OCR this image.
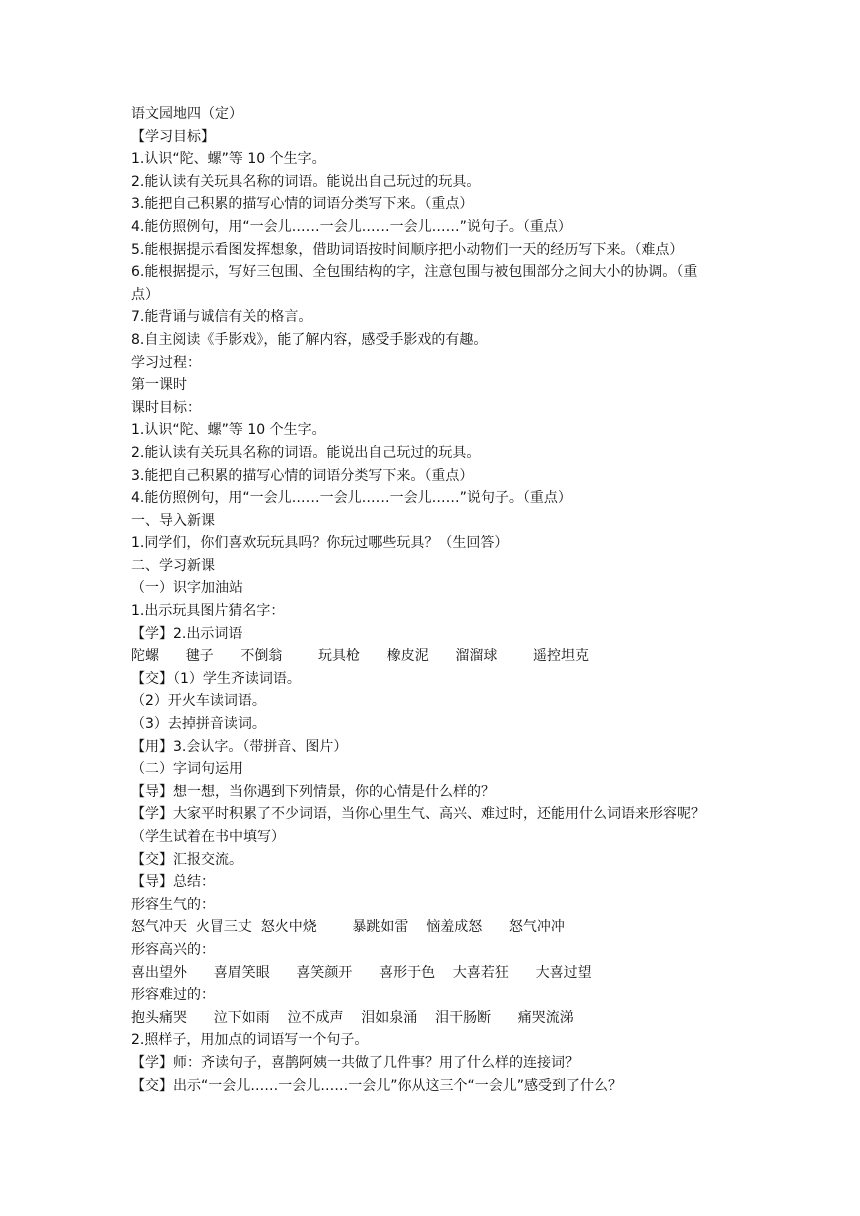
语文园地四（定）
【学习目标】
1.认识“陀、螺”等 10 个生字。
2.能认读有关玩具名称的词语。能说出自己玩过的玩具。
3.能把自己积累的描写心情的词语分类写下来。（重点）
4.能仿照例句，用“一会儿……一会儿……一会儿……”说句子。（重点）
5.能根据提示看图发挥想象，借助词语按时间顺序把小动物们一天的经历写下来。（难点）
6.能根据提示，写好三包围、全包围结构的字，注意包围与被包围部分之间大小的协调。（重
点）
7.能背诵与诚信有关的格言。
8.自主阅读《手影戏》，能了解内容，感受手影戏的有趣。
学习过程：
第一课时
课时目标：
1.认识“陀、螺”等 10 个生字。
2.能认读有关玩具名称的词语。能说出自己玩过的玩具。
3.能把自己积累的描写心情的词语分类写下来。（重点）
4.能仿照例句，用“一会儿……一会儿……一会儿……”说句子。（重点）
一、导入新课
1.同学们，你们喜欢玩玩具吗？你玩过哪些玩具？（生回答）
二、学习新课
（一）识字加油站
1.出示玩具图片猜名字：
【学】2.出示词语
陀螺      毽子      不倒翁        玩具枪      橡皮泥      溜溜球        遥控坦克
【交】（1）学生齐读词语。
（2）开火车读词语。
（3）去掉拼音读词。
【用】3.会认字。（带拼音、图片）
（二）字词句运用
【导】想一想，当你遇到下列情景，你的心情是什么样的？
【学】大家平时积累了不少词语，当你心里生气、高兴、难过时，还能用什么词语来形容呢？
（学生试着在书中填写）
【交】汇报交流。
【导】总结：
形容生气的：
怒气冲天  火冒三丈  怒火中烧        暴跳如雷    恼羞成怒      怒气冲冲
形容高兴的：
喜出望外      喜眉笑眼      喜笑颜开      喜形于色    大喜若狂      大喜过望
形容难过的：
抱头痛哭      泣下如雨    泣不成声    泪如泉涌    泪干肠断      痛哭流涕
2.照样子，用加点的词语写一个句子。
【学】师：齐读句子，喜鹊阿姨一共做了几件事？用了什么样的连接词？
【交】出示“一会儿……一会儿……一会儿”你从这三个“一会儿”感受到了什么？
